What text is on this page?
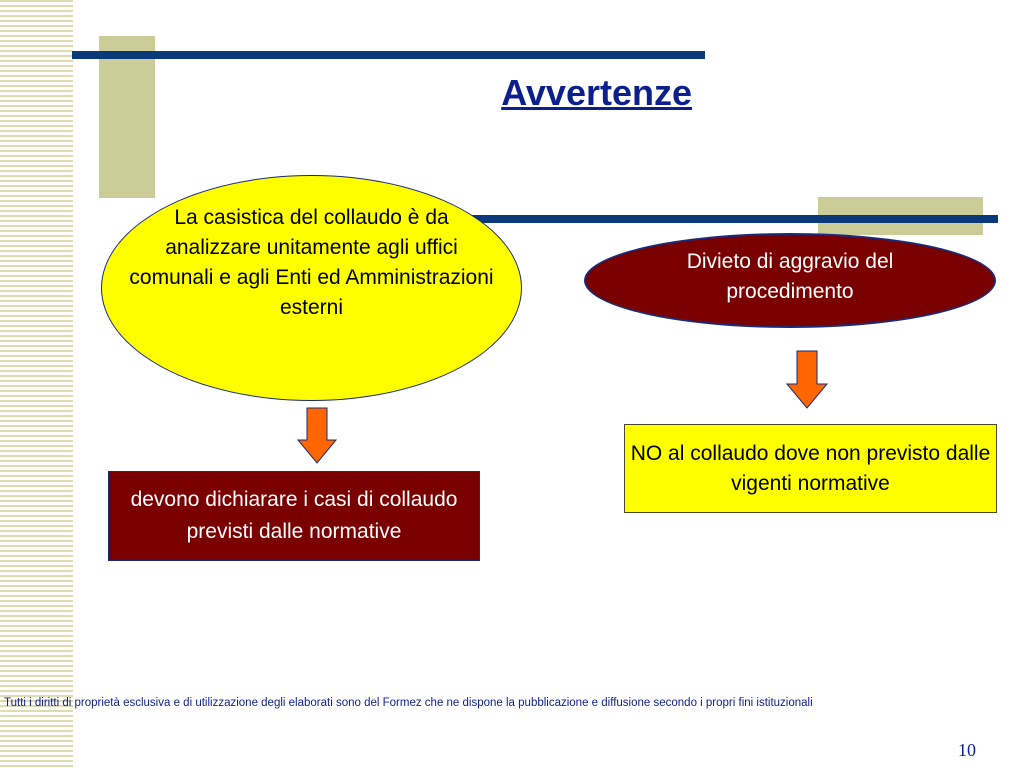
Avvertenze
La casistica del collaudo è da analizzare unitamente agli uffici comunali e agli Enti ed Amministrazioni esterni
Divieto di aggravio del procedimento
devono dichiarare i casi di collaudo previsti dalle normative
NO al collaudo dove non previsto dalle vigenti normative
Tutti i diritti di proprietà esclusiva e di utilizzazione degli elaborati sono del Formez che ne dispone la pubblicazione e diffusione secondo i propri fini istituzionali
10
